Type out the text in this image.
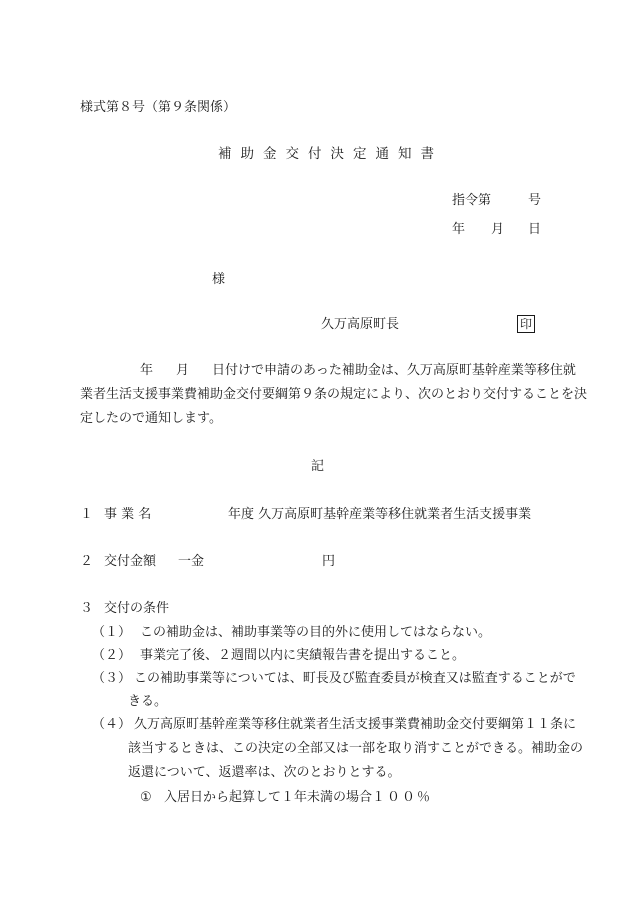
様式第８号（第９条関係）
補助金交付決定通知書
指令第	号
年 月 日
様
久万高原町長	印
年 月 日付けで申請のあった補助金は、久万高原町基幹産業等移住就
業者生活支援事業費補助金交付要綱第９条の規定により、次のとおり交付することを決
定したので通知します。
記
１ 事 業 名	年度 久万高原町基幹産業等移住就業者生活支援事業
２ 交付金額 一金	円
３ 交付の条件
（１） この補助金は、補助事業等の目的外に使用してはならない。
（２） 事業完了後、２週間以内に実績報告書を提出すること。
（３） この補助事業等については、町長及び監査委員が検査又は監査することがで
きる。
（４） 久万高原町基幹産業等移住就業者生活支援事業費補助金交付要綱第１１条に
該当するときは、この決定の全部又は一部を取り消すことができる。補助金の
返還について、返還率は、次のとおりとする。
① 入居日から起算して１年未満の場合 １００％
